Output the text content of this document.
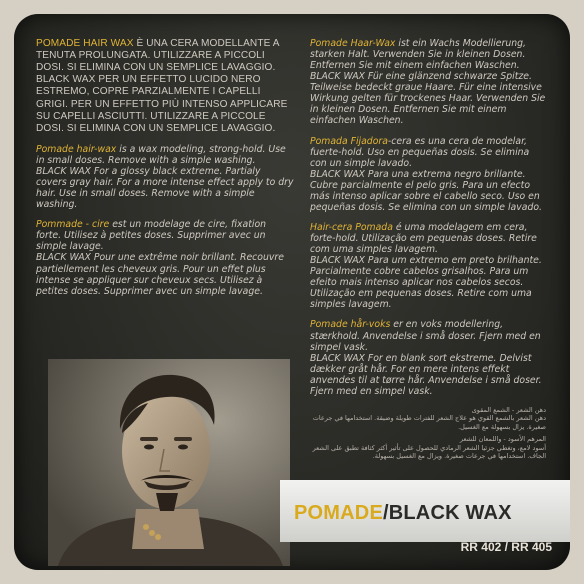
POMADE HAIR WAX È UNA CERA MODELLANTE A TENUTA PROLUNGATA. UTILIZZARE A PICCOLI DOSI. SI ELIMINA CON UN SEMPLICE LAVAGGIO. BLACK WAX PER UN EFFETTO LUCIDO NERO ESTREMO, COPRE PARZIALMENTE I CAPELLI GRIGI. PER UN EFFETTO PIÙ INTENSO APPLICARE SU CAPELLI ASCIUTTI. UTILIZZARE A PICCOLE DOSI. SI ELIMINA CON UN SEMPLICE LAVAGGIO.

Pomade hair-wax is a wax modeling, strong-hold. Use in small doses. Remove with a simple washing.
BLACK WAX For a glossy black extreme. Partialy covers gray hair. For a more intense effect apply to dry hair. Use in small doses. Remove with a simple washing.

Pommade - cire est un modelage de cire, fixation forte. Utilisez à petites doses. Supprimer avec un simple lavage.
BLACK WAX Pour une extrême noir brillant. Recouvre partiellement les cheveux gris. Pour un effet plus intense se appliquer sur cheveux secs. Utilisez à petites doses. Supprimer avec un simple lavage.

Pomade Haar-Wax ist ein Wachs Modellierung, starken Halt. Verwenden Sie in kleinen Dosen. Entfernen Sie mit einem einfachen Waschen.
BLACK WAX Für eine glänzend schwarze Spitze. Teilweise bedeckt graue Haare. Für eine intensive Wirkung gelten für trockenes Haar. Verwenden Sie in kleinen Dosen. Entfernen Sie mit einem einfachen Waschen.

Pomada Fijadora-cera es una cera de modelar, fuerte-hold. Uso en pequeñas dosis. Se elimina con un simple lavado.
BLACK WAX Para una extrema negro brillante. Cubre parcialmente el pelo gris. Para un efecto más intenso aplicar sobre el cabello seco. Uso en pequeñas dosis. Se elimina con un simple lavado.

Hair-cera Pomada é uma modelagem em cera, forte-hold. Utilização em pequenas doses. Retire com uma simples lavagem.
BLACK WAX Para um extremo em preto brilhante. Parcialmente cobre cabelos grisalhos. Para um efeito mais intenso aplicar nos cabelos secos. Utilização em pequenas doses. Retire com uma simples lavagem.

Pomade hår-voks er en voks modellering, stærkhold. Anvendelse i små doser. Fjern med en simpel vask.
BLACK WAX For en blank sort ekstreme. Delvist dækker gråt hår. For en mere intens effekt anvendes til at tørre hår. Anvendelse i små doser. Fjern med en simpel vask.

دهن الشعر - الشمع المقوى
دهن الشعر بالشمع القوي هو علاج الشعر للفترات طويلة وضيقة. استخدامها في جرعات صغيرة. يزال بسهولة مع الغسيل.
المرهم الأسود - واللمعان للشعر
أسود لامع، وتغطي جزئيا الشعر الرمادي للحصول على تأثير أكثر كثافة تطبق على الشعر الجاف. استخدامها في جرعات صغيرة. ويزال مع الغسيل بسهولة.
POMADE/BLACK WAX
RR 402 / RR 405
